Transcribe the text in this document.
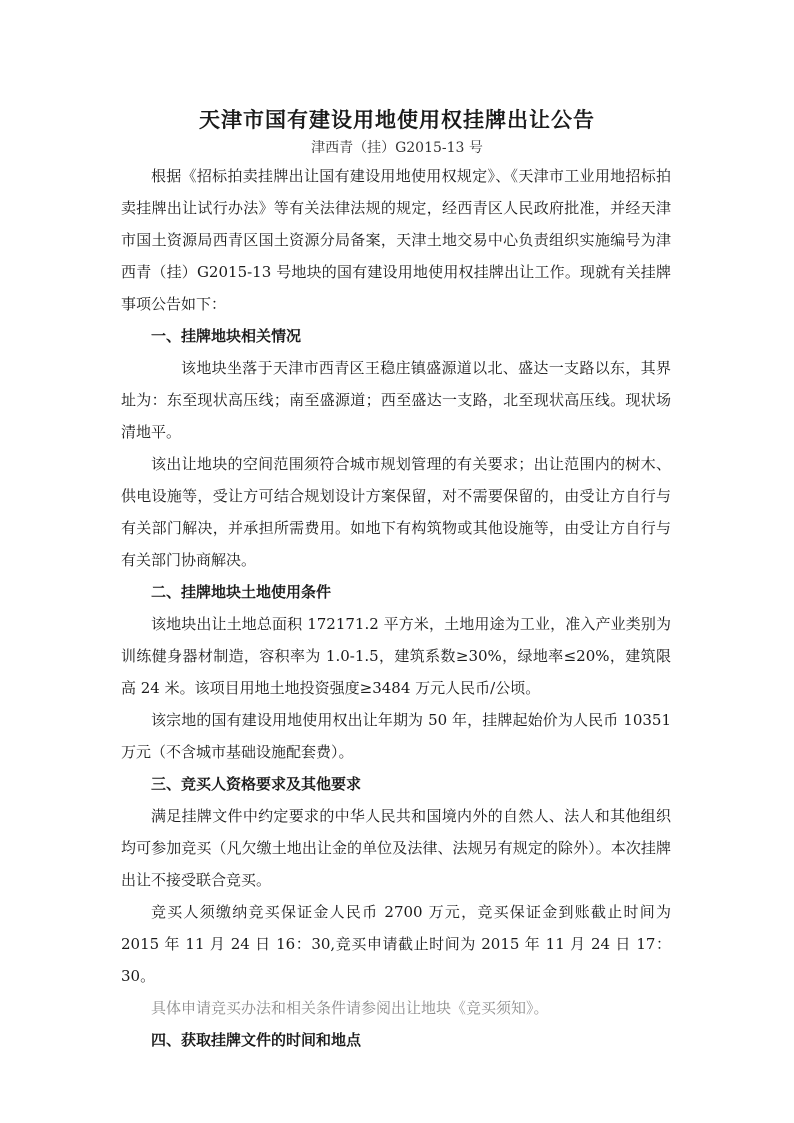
天津市国有建设用地使用权挂牌出让公告
津西青（挂）G2015-13 号

根据《招标拍卖挂牌出让国有建设用地使用权规定》、《天津市工业用地招标拍卖挂牌出让试行办法》等有关法律法规的规定，经西青区人民政府批准，并经天津市国土资源局西青区国土资源分局备案，天津土地交易中心负责组织实施编号为津西青（挂）G2015-13 号地块的国有建设用地使用权挂牌出让工作。现就有关挂牌事项公告如下：

一、挂牌地块相关情况

该地块坐落于天津市西青区王稳庄镇盛源道以北、盛达一支路以东，其界址为：东至现状高压线；南至盛源道；西至盛达一支路，北至现状高压线。现状场清地平。

该出让地块的空间范围须符合城市规划管理的有关要求；出让范围内的树木、供电设施等，受让方可结合规划设计方案保留，对不需要保留的，由受让方自行与有关部门解决，并承担所需费用。如地下有构筑物或其他设施等，由受让方自行与有关部门协商解决。

二、挂牌地块土地使用条件

该地块出让土地总面积 172171.2 平方米，土地用途为工业，准入产业类别为训练健身器材制造，容积率为 1.0-1.5，建筑系数≥30%，绿地率≤20%，建筑限高 24 米。该项目用地土地投资强度≥3484 万元人民币/公顷。

该宗地的国有建设用地使用权出让年期为 50 年，挂牌起始价为人民币 10351 万元（不含城市基础设施配套费）。

三、竞买人资格要求及其他要求

满足挂牌文件中约定要求的中华人民共和国境内外的自然人、法人和其他组织均可参加竞买（凡欠缴土地出让金的单位及法律、法规另有规定的除外）。本次挂牌出让不接受联合竞买。

竞买人须缴纳竞买保证金人民币 2700 万元，竞买保证金到账截止时间为 2015 年 11 月 24 日 16：30,竞买申请截止时间为 2015 年 11 月 24 日 17：30。

具体申请竞买办法和相关条件请参阅出让地块《竞买须知》。

四、获取挂牌文件的时间和地点
